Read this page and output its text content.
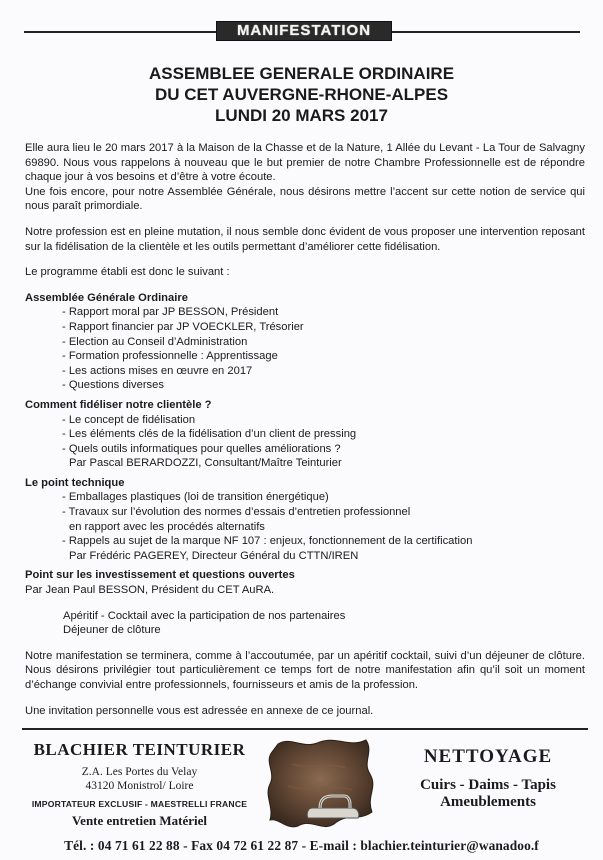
MANIFESTATION
ASSEMBLEE GENERALE ORDINAIRE
DU CET AUVERGNE-RHONE-ALPES
LUNDI 20 MARS 2017

Elle aura lieu le 20 mars 2017 à la Maison de la Chasse et de la Nature, 1 Allée du Levant - La Tour de Salvagny 69890. Nous vous rappelons à nouveau que le but premier de notre Chambre Professionnelle est de répondre chaque jour à vos besoins et d’être à votre écoute.

Une fois encore, pour notre Assemblée Générale, nous désirons mettre l’accent sur cette notion de service qui nous paraît primordiale.

Notre profession est en pleine mutation, il nous semble donc évident de vous proposer une intervention reposant sur la fidélisation de la clientèle et les outils permettant d’améliorer cette fidélisation.

Le programme établi est donc le suivant :

Assemblée Générale Ordinaire

- Rapport moral par JP BESSON, Président
- Rapport financier par JP VOECKLER, Trésorier
- Election au Conseil d’Administration
- Formation professionnelle : Apprentissage
- Les actions mises en œuvre en 2017
- Questions diverses

Comment fidéliser notre clientèle ?

- Le concept de fidélisation
- Les éléments clés de la fidélisation d’un client de pressing
- Quels outils informatiques pour quelles améliorations ?

Par Pascal BERARDOZZI, Consultant/Maître Teinturier

Le point technique

- Emballages plastiques (loi de transition énergétique)
- Travaux sur l’évolution des normes d’essais d’entretien professionnel
en rapport avec les procédés alternatifs
- Rappels au sujet de la marque NF 107 : enjeux, fonctionnement de la certification

Par Frédéric PAGEREY, Directeur Général du CTTN/IREN

Point sur les investissement et questions ouvertes

Par Jean Paul BESSON, Président du CET AuRA.

Apéritif - Cocktail avec la participation de nos partenaires

Déjeuner de clôture

Notre manifestation se terminera, comme à l’accoutumée, par un apéritif cocktail, suivi d’un déjeuner de clôture. Nous désirons privilégier tout particulièrement ce temps fort de notre manifestation afin qu’il soit un moment d’échange convivial entre professionnels, fournisseurs et amis de la profession.

Une invitation personnelle vous est adressée en annexe de ce journal.

BLACHIER TEINTURIER
Z.A. Les Portes du Velay
43120 Monistrol/ Loire
IMPORTATEUR EXCLUSIF - MAESTRELLI FRANCE
Vente entretien Matériel
NETTOYAGE
Cuirs - Daims - Tapis
Ameublements
Tél. : 04 71 61 22 88 - Fax 04 72 61 22 87 - E-mail : blachier.teinturier@wanadoo.f
